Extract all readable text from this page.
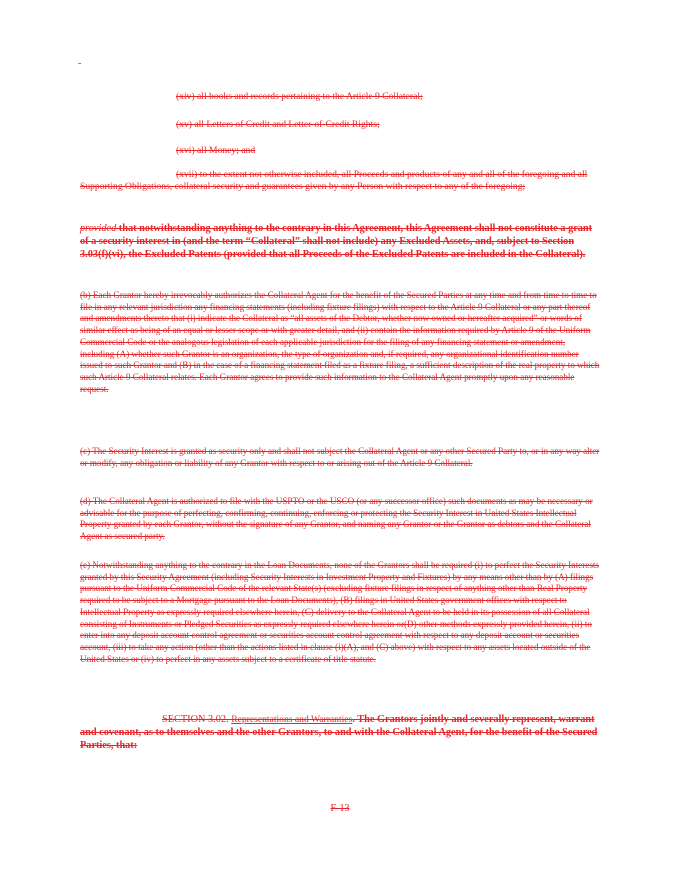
-
(xiv) all books and records pertaining to the Article 9 Collateral;
(xv) all Letters of Credit and Letter-of-Credit Rights;
(xvi) all Money; and
(xvii) to the extent not otherwise included, all Proceeds and products of any and all of the foregoing and all Supporting Obligations, collateral security and guarantees given by any Person with respect to any of the foregoing;
provided that notwithstanding anything to the contrary in this Agreement, this Agreement shall not constitute a grant of a security interest in (and the term “Collateral” shall not include) any Excluded Assets, and, subject to Section 3.03(f)(vi), the Excluded Patents (provided that all Proceeds of the Excluded Patents are included in the Collateral).
(b) Each Grantor hereby irrevocably authorizes the Collateral Agent for the benefit of the Secured Parties at any time and from time to time to file in any relevant jurisdiction any financing statements (including fixture filings) with respect to the Article 9 Collateral or any part thereof and amendments thereto that (i) indicate the Collateral as “all assets of the Debtor, whether now owned or hereafter acquired” or words of similar effect as being of an equal or lesser scope or with greater detail, and (ii) contain the information required by Article 9 of the Uniform Commercial Code or the analogous legislation of each applicable jurisdiction for the filing of any financing statement or amendment, including (A) whether such Grantor is an organization, the type of organization and, if required, any organizational identification number issued to such Grantor and (B) in the case of a financing statement filed as a fixture filing, a sufficient description of the real property to which such Article 9 Collateral relates. Each Grantor agrees to provide such information to the Collateral Agent promptly upon any reasonable request.
(c) The Security Interest is granted as security only and shall not subject the Collateral Agent or any other Secured Party to, or in any way alter or modify, any obligation or liability of any Grantor with respect to or arising out of the Article 9 Collateral.
(d) The Collateral Agent is authorized to file with the USPTO or the USCO (or any successor office) such documents as may be necessary or advisable for the purpose of perfecting, confirming, continuing, enforcing or protecting the Security Interest in United States Intellectual Property granted by each Grantor, without the signature of any Grantor, and naming any Grantor or the Grantor as debtors and the Collateral Agent as secured party.
(e) Notwithstanding anything to the contrary in the Loan Documents, none of the Grantors shall be required (i) to perfect the Security Interests granted by this Security Agreement (including Security Interests in Investment Property and Fixtures) by any means other than by (A) filings pursuant to the Uniform Commercial Code of the relevant State(s) (excluding fixture filings in respect of anything other than Real Property required to be subject to a Mortgage pursuant to the Loan Documents), (B) filings in United States government offices with respect to Intellectual Property as expressly required elsewhere herein, (C) delivery to the Collateral Agent to be held in its possession of all Collateral consisting of Instruments or Pledged Securities as expressly required elsewhere herein or(D) other methods expressly provided herein, (ii) to enter into any deposit account control agreement or securities account control agreement with respect to any deposit account or securities account, (iii) to take any action (other than the actions listed in clause (i)(A), and (C) above) with respect to any assets located outside of the United States or (iv) to perfect in any assets subject to a certificate of title statute.
SECTION 3.02. Representations and Warranties. The Grantors jointly and severally represent, warrant and covenant, as to themselves and the other Grantors, to and with the Collateral Agent, for the benefit of the Secured Parties, that:
F-13
